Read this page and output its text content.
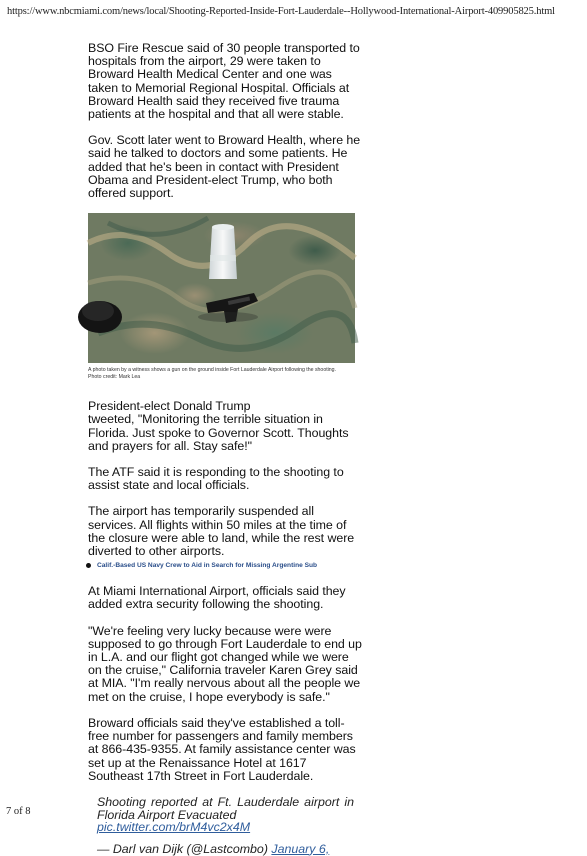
https://www.nbcmiami.com/news/local/Shooting-Reported-Inside-Fort-Lauderdale--Hollywood-International-Airport-409905825.html

BSO Fire Rescue said of 30 people transported to hospitals from the airport, 29 were taken to Broward Health Medical Center and one was taken to Memorial Regional Hospital. Officials at Broward Health said they received five trauma patients at the hospital and that all were stable.

Gov. Scott later went to Broward Health, where he said he talked to doctors and some patients. He added that he's been in contact with President Obama and President-elect Trump, who both offered support.

A photo taken by a witness shows a gun on the ground inside Fort Lauderdale Airport following the shooting.
Photo credit: Mark Lea

President-elect Donald Trump
tweeted, "Monitoring the terrible situation in Florida. Just spoke to Governor Scott. Thoughts and prayers for all. Stay safe!"

The ATF said it is responding to the shooting to assist state and local officials.

The airport has temporarily suspended all services. All flights within 50 miles at the time of the closure were able to land, while the rest were diverted to other airports.

Calif.-Based US Navy Crew to Aid in Search for Missing Argentine Sub

At Miami International Airport, officials said they added extra security following the shooting.

"We're feeling very lucky because were were supposed to go through Fort Lauderdale to end up in L.A. and our flight got changed while we were on the cruise," California traveler Karen Grey said at MIA. "I'm really nervous about all the people we met on the cruise, I hope everybody is safe."

Broward officials said they've established a toll-free number for passengers and family members at 866-435-9355. At family assistance center was set up at the Renaissance Hotel at 1617 Southeast 17th Street in Fort Lauderdale.

Shooting reported at Ft. Lauderdale airport in Florida Airport Evacuated
pic.twitter.com/brM4vc2x4M
— Darl van Dijk (@Lastcombo) January 6,
7 of 8
